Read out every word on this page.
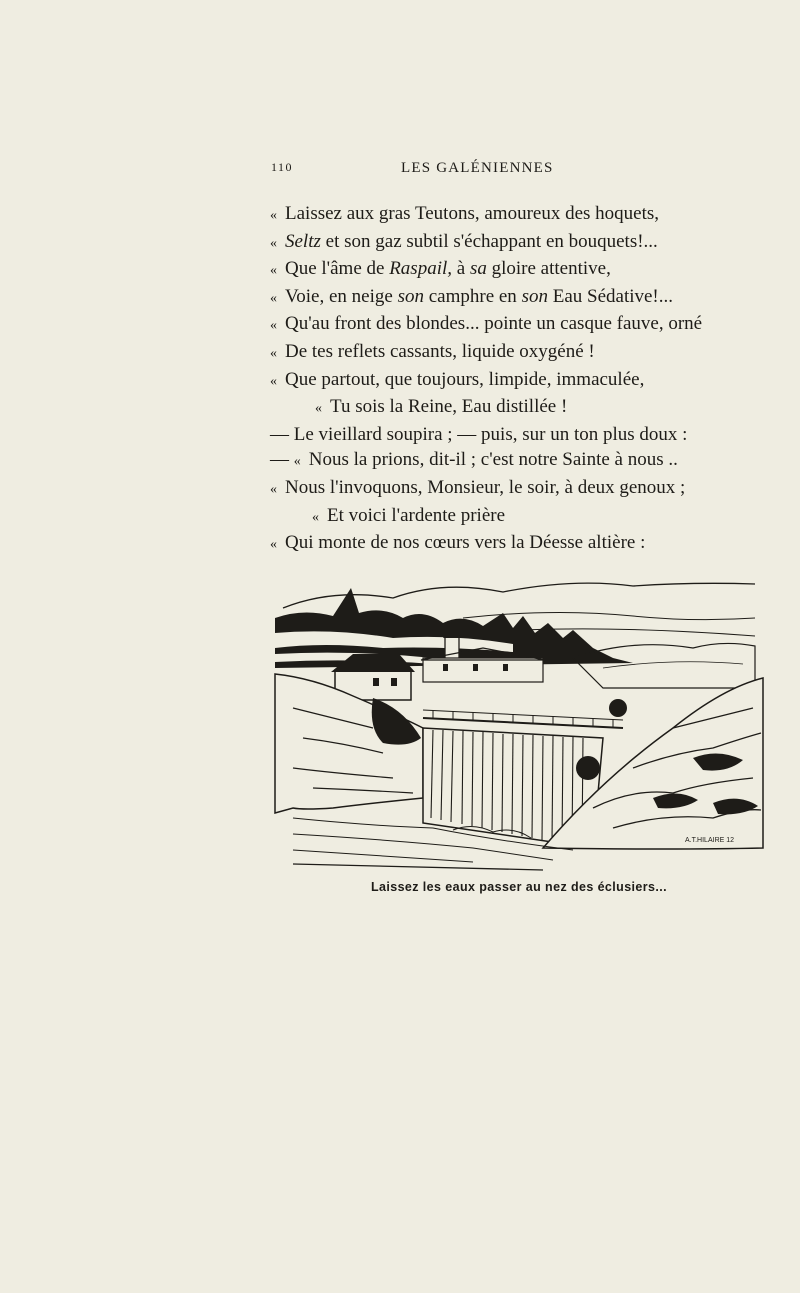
110	LES GALÉNIENNES
« Laissez aux gras Teutons, amoureux des hoquets,
« Seltz et son gaz subtil s'échappant en bouquets!...
« Que l'âme de Raspail, à sa gloire attentive,
« Voie, en neige son camphre en son Eau Sédative!...
« Qu'au front des blondes... pointe un casque fauve, orné
« De tes reflets cassants, liquide oxygéné !
« Que partout, que toujours, limpide, immaculée,
« Tu sois la Reine, Eau distillée !
— Le vieillard soupira ; — puis, sur un ton plus doux :
— « Nous la prions, dit-il ; c'est notre Sainte à nous ..
« Nous l'invoquons, Monsieur, le soir, à deux genoux ;
« Et voici l'ardente prière
« Qui monte de nos cœurs vers la Déesse altière :
A.T.HILAIRE 12
Laissez les eaux passer au nez des éclusiers...
